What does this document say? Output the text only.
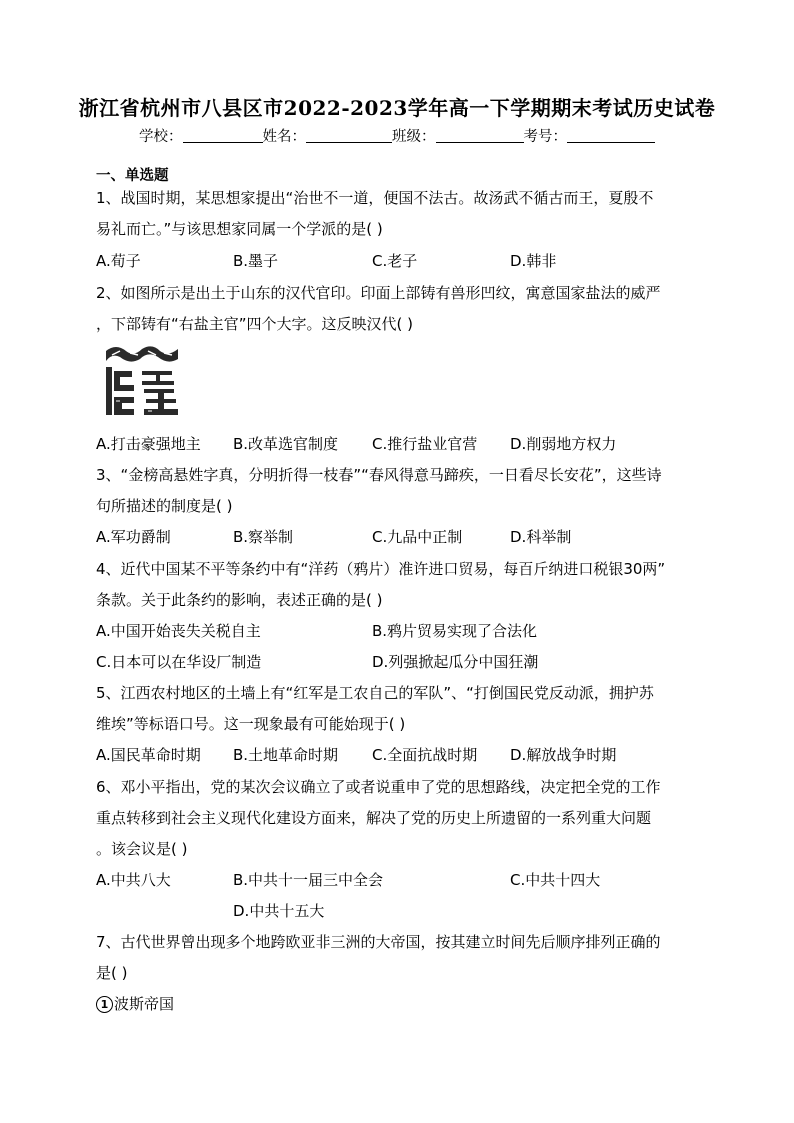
浙江省杭州市八县区市2022-2023学年高一下学期期末考试历史试卷
学校：	姓名：	班级：	考号：
一、单选题
1、战国时期，某思想家提出“治世不一道，便国不法古。故汤武不循古而王，夏殷不
易礼而亡。”与该思想家同属一个学派的是( )
A.荀子	B.墨子	C.老子	D.韩非
2、如图所示是出土于山东的汉代官印。印面上部铸有兽形凹纹，寓意国家盐法的威严
，下部铸有“右盐主官”四个大字。这反映汉代( )
A.打击豪强地主 B.改革选官制度 C.推行盐业官营 D.削弱地方权力
3、“金榜高悬姓字真，分明折得一枝春”“春风得意马蹄疾，一日看尽长安花”，这些诗
句所描述的制度是( )
A.军功爵制	B.察举制	C.九品中正制	D.科举制
4、近代中国某不平等条约中有“洋药（鸦片）准许进口贸易，每百斤纳进口税银30两”
条款。关于此条约的影响，表述正确的是( )
A.中国开始丧失关税自主	B.鸦片贸易实现了合法化
C.日本可以在华设厂制造	D.列强掀起瓜分中国狂潮
5、江西农村地区的土墙上有“红军是工农自己的军队”、“打倒国民党反动派，拥护苏
维埃”等标语口号。这一现象最有可能始现于( )
A.国民革命时期 B.土地革命时期 C.全面抗战时期 D.解放战争时期
6、邓小平指出，党的某次会议确立了或者说重申了党的思想路线，决定把全党的工作
重点转移到社会主义现代化建设方面来，解决了党的历史上所遗留的一系列重大问题
。该会议是( )
A.中共八大	B.中共十一届三中全会	C.中共十四大
D.中共十五大
7、古代世界曾出现多个地跨欧亚非三洲的大帝国，按其建立时间先后顺序排列正确的
是( )
1 波斯帝国
